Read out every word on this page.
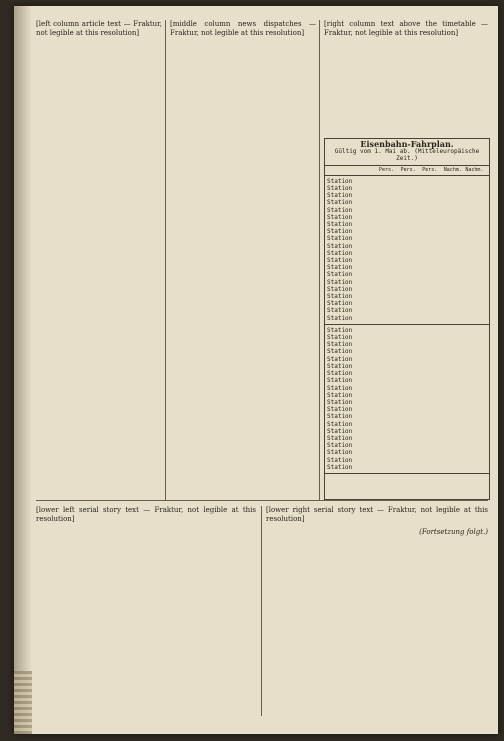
[left column article text — Fraktur, not legible at this resolution]
[middle column news dispatches — Fraktur, not legible at this resolution]
[right column text above the timetable — Fraktur, not legible at this resolution]
Eisenbahn-Fahrplan.
Gültig vom 1. Mai ab. (Mitteleuropäische Zeit.)
Pers.	Pers.	Pers.	Nachm. Nachm.
Station
Station
Station
Station
Station
Station
Station
Station
Station
Station
Station
Station
Station
Station
Station
Station
Station
Station
Station
Station
Station
Station
Station
Station
Station
Station
Station
Station
Station
Station
Station
Station
Station
Station
Station
Station
Station
Station
Station
Station
[lower left serial story text — Fraktur, not legible at this resolution]
[lower right serial story text — Fraktur, not legible at this resolution]
(Fortsetzung folgt.)
